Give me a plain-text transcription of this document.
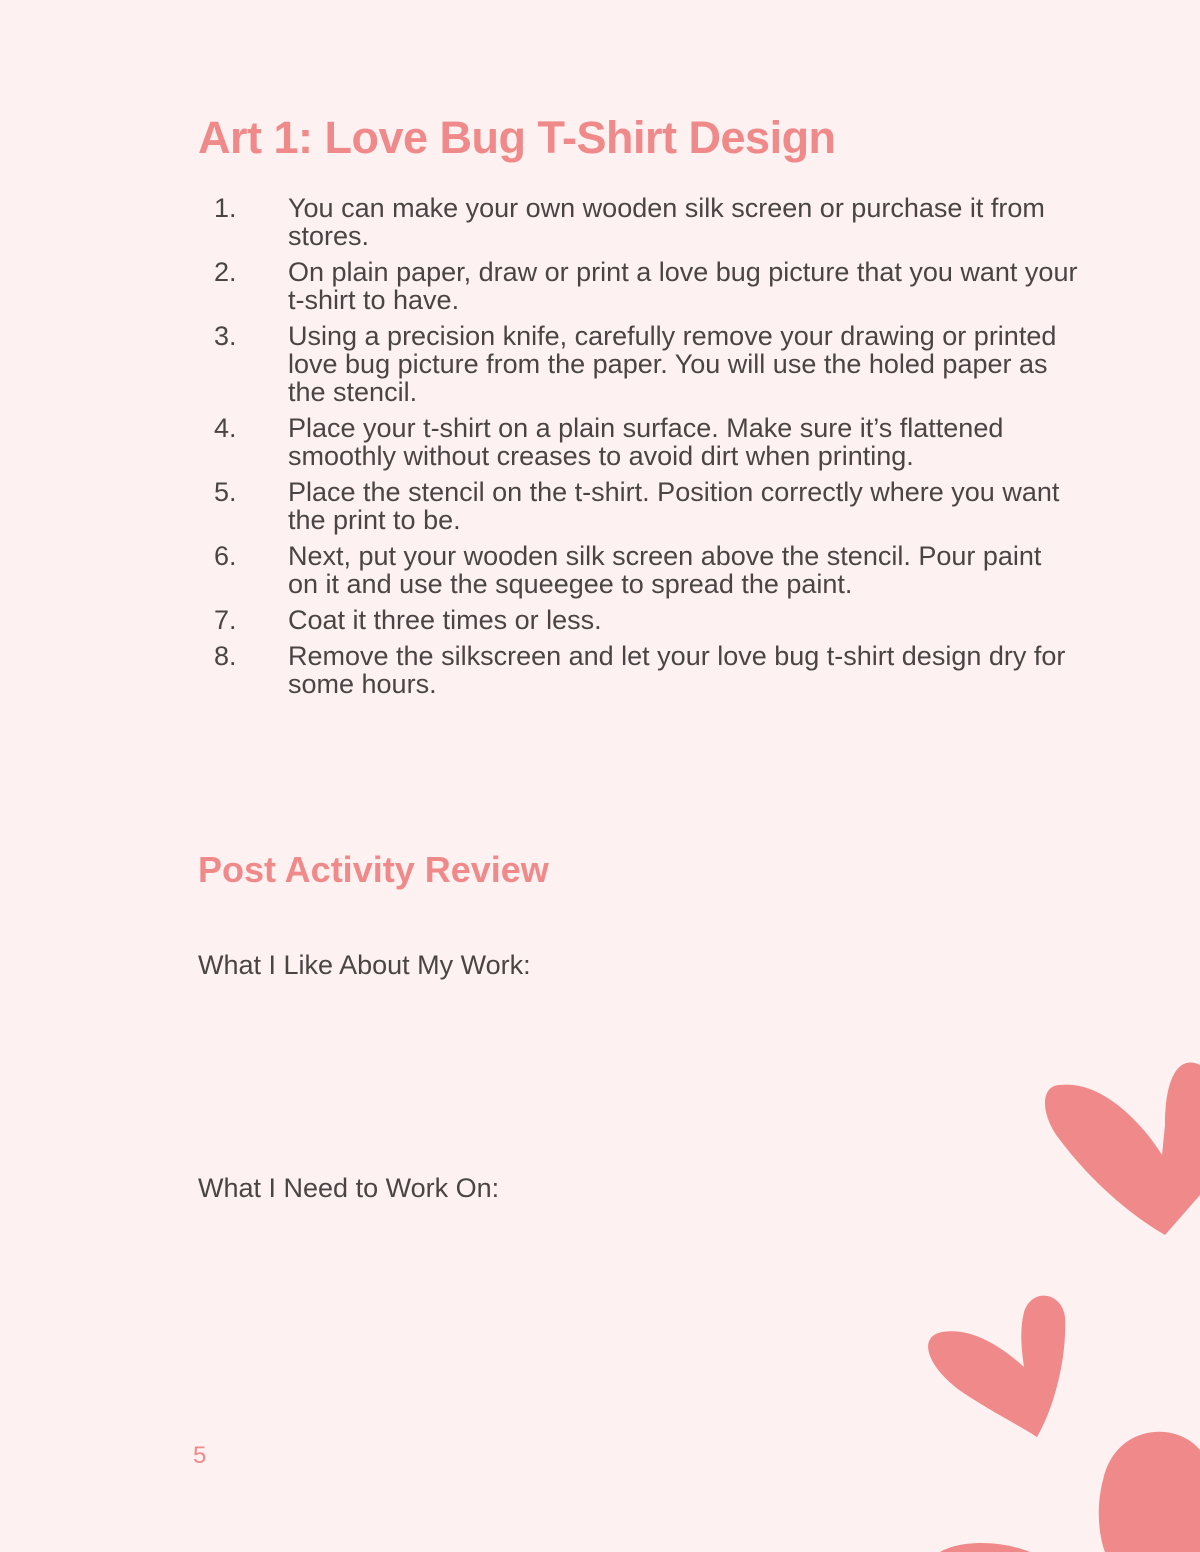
Art 1: Love Bug T-Shirt Design
1.	You can make your own wooden silk screen or purchase it from stores.
2.	On plain paper, draw or print a love bug picture that you want your t-shirt to have.
3.	Using a precision knife, carefully remove your drawing or printed love bug picture from the paper. You will use the holed paper as the stencil.
4.	Place your t-shirt on a plain surface. Make sure it’s flattened smoothly without creases to avoid dirt when printing.
5.	Place the stencil on the t-shirt. Position correctly where you want the print to be.
6.	Next, put your wooden silk screen above the stencil. Pour paint on it and use the squeegee to spread the paint.
7.	Coat it three times or less.
8.	Remove the silkscreen and let your love bug t-shirt design dry for some hours.
Post Activity Review
What I Like About My Work:
What I Need to Work On:
5
